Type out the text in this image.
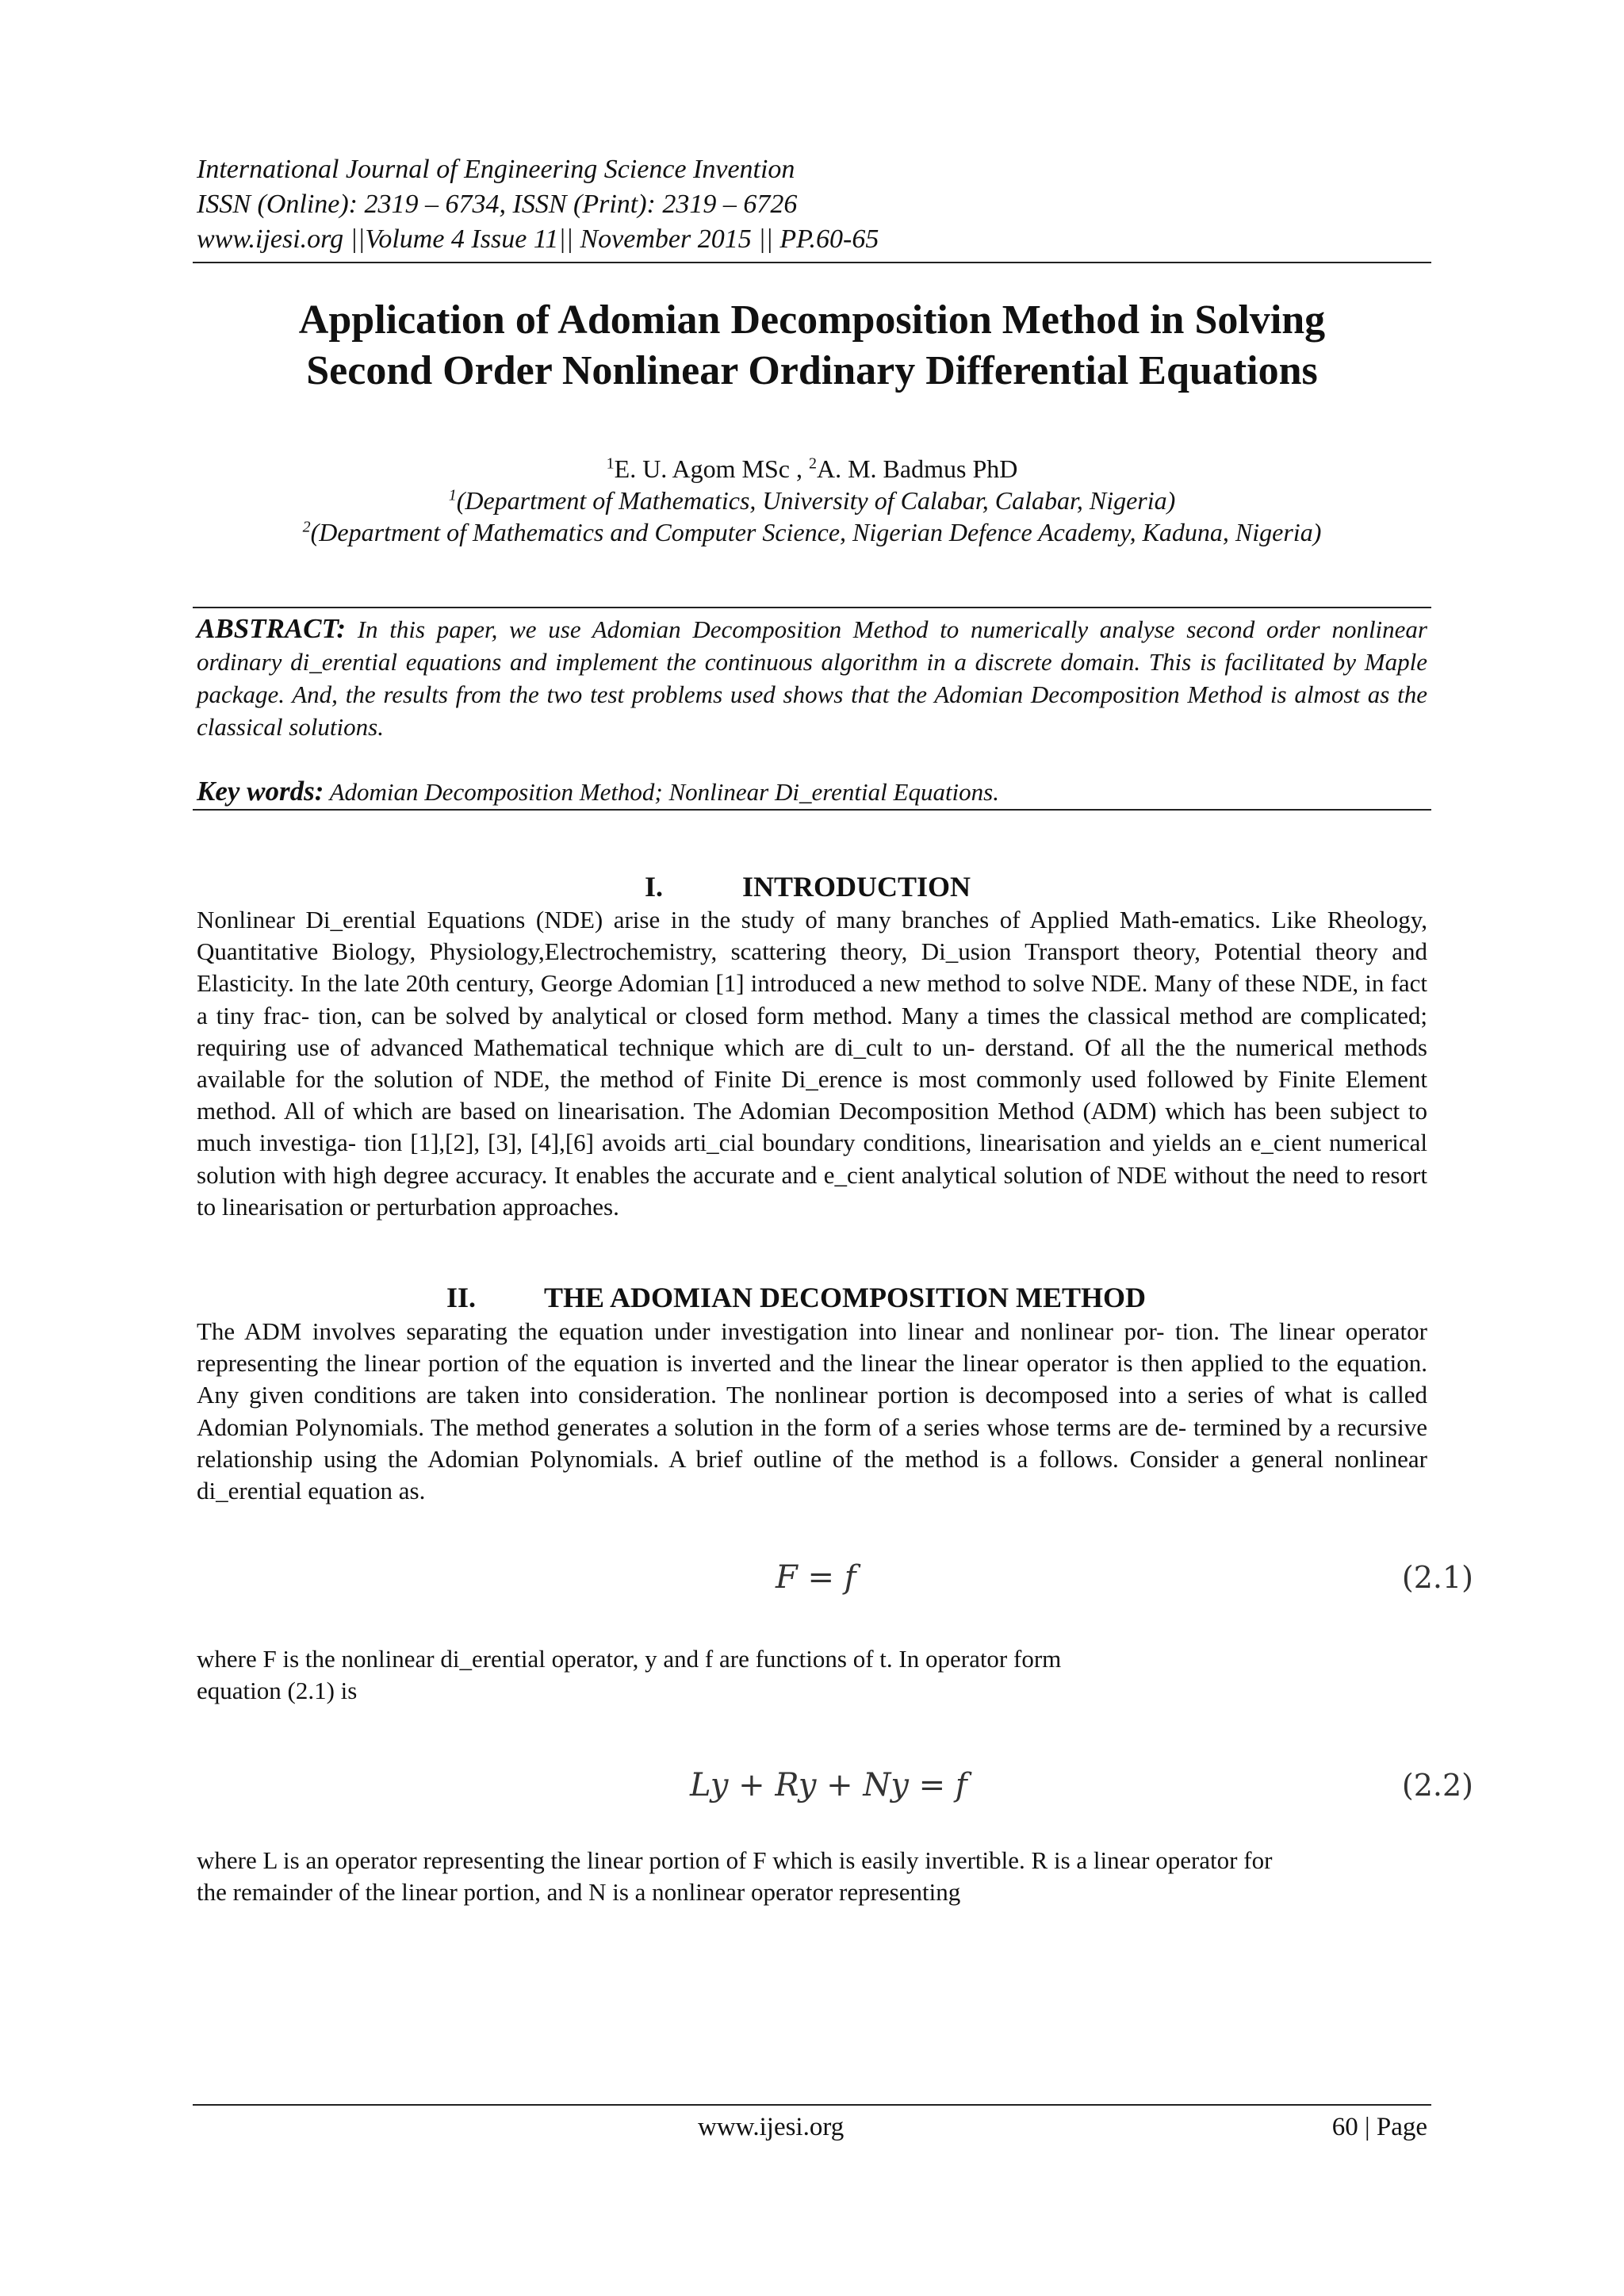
International Journal of Engineering Science Invention
ISSN (Online): 2319 – 6734, ISSN (Print): 2319 – 6726
www.ijesi.org ||Volume 4 Issue 11|| November 2015 || PP.60-65
Application of Adomian Decomposition Method in Solving
Second Order Nonlinear Ordinary Differential Equations
$^1$E. U. Agom MSc , $^2$A. M. Badmus PhD
$^1$(Department of Mathematics, University of Calabar, Calabar, Nigeria)
$^2$(Department of Mathematics and Computer Science, Nigerian Defence Academy, Kaduna, Nigeria)
ABSTRACT: In this paper, we use Adomian Decomposition Method to numerically analyse second order nonlinear ordinary di_erential equations and implement the continuous algorithm in a discrete domain. This is facilitated by Maple package. And, the results from the two test problems used shows that the Adomian Decomposition Method is almost as the classical solutions.
Key words: Adomian Decomposition Method; Nonlinear Di_erential Equations.
I.	INTRODUCTION
Nonlinear Di_erential Equations (NDE) arise in the study of many branches of Applied Math-ematics. Like Rheology, Quantitative Biology, Physiology,Electrochemistry, scattering theory, Di_usion Transport theory, Potential theory and Elasticity. In the late 20th century, George Adomian [1] introduced a new method to solve NDE. Many of these NDE, in fact a tiny frac- tion, can be solved by analytical or closed form method. Many a times the classical method are complicated; requiring use of advanced Mathematical technique which are di_cult to un- derstand. Of all the the numerical methods available for the solution of NDE, the method of Finite Di_erence is most commonly used followed by Finite Element method. All of which are based on linearisation. The Adomian Decomposition Method (ADM) which has been subject to much investiga- tion [1],[2], [3], [4],[6] avoids arti_cial boundary conditions, linearisation and yields an e_cient numerical solution with high degree accuracy. It enables the accurate and e_cient analytical solution of NDE without the need to resort to linearisation or perturbation approaches.
II. THE ADOMIAN DECOMPOSITION METHOD
The ADM involves separating the equation under investigation into linear and nonlinear por- tion. The linear operator representing the linear portion of the equation is inverted and the linear the linear operator is then applied to the equation. Any given conditions are taken into consideration. The nonlinear portion is decomposed into a series of what is called Adomian Polynomials. The method generates a solution in the form of a series whose terms are de- termined by a recursive relationship using the Adomian Polynomials. A brief outline of the method is a follows. Consider a general nonlinear di_erential equation as.
F = f	(2.1)
where F is the nonlinear di_erential operator, y and f are functions of t. In operator form
equation (2.1) is
Ly + Ry + Ny = f	(2.2)
where L is an operator representing the linear portion of F which is easily invertible. R is a linear operator for
the remainder of the linear portion, and N is a nonlinear operator representing
www.ijesi.org	60 | Page
